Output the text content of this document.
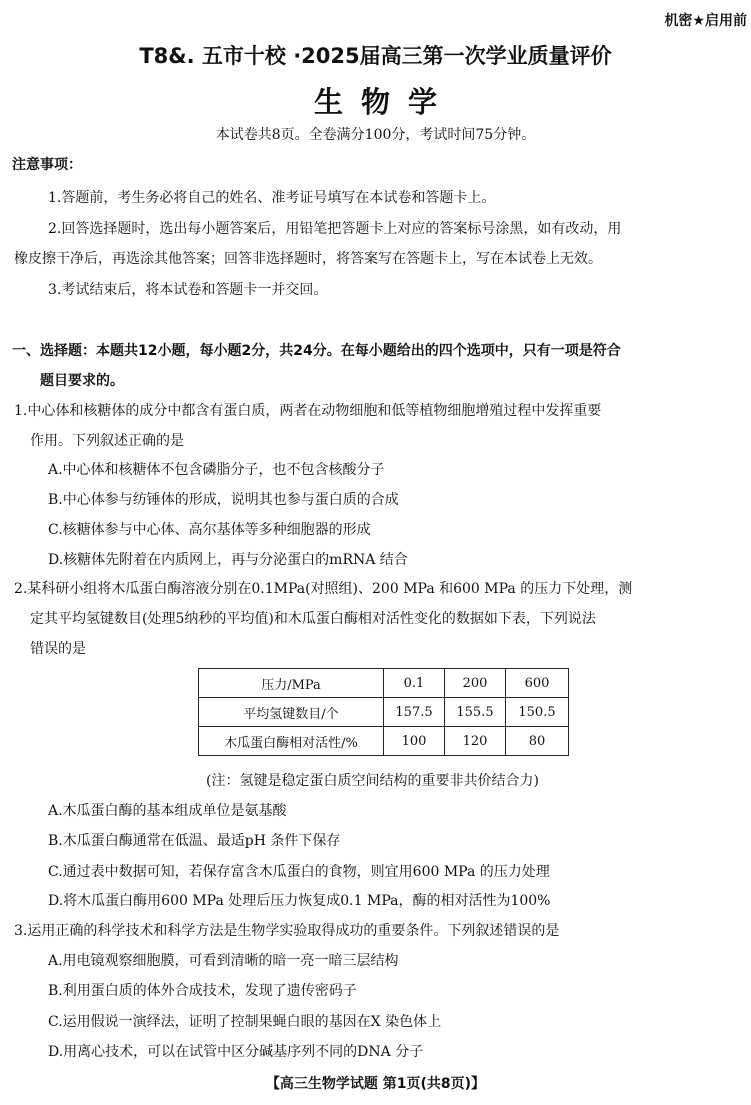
机密★启用前
T8&. 五市十校 ·2025届高三第一次学业质量评价
生物学
本试卷共8页。全卷满分100分，考试时间75分钟。
注意事项：
1.答题前，考生务必将自己的姓名、准考证号填写在本试卷和答题卡上。
2.回答选择题时，选出每小题答案后，用铅笔把答题卡上对应的答案标号涂黑，如有改动，用
橡皮擦干净后，再选涂其他答案；回答非选择题时，将答案写在答题卡上，写在本试卷上无效。
3.考试结束后，将本试卷和答题卡一并交回。
一、选择题：本题共12小题，每小题2分，共24分。在每小题给出的四个选项中，只有一项是符合
题目要求的。
1.中心体和核糖体的成分中都含有蛋白质，两者在动物细胞和低等植物细胞增殖过程中发挥重要
作用。下列叙述正确的是
A.中心体和核糖体不包含磷脂分子，也不包含核酸分子
B.中心体参与纺锤体的形成，说明其也参与蛋白质的合成
C.核糖体参与中心体、高尔基体等多种细胞器的形成
D.核糖体先附着在内质网上，再与分泌蛋白的mRNA 结合
2.某科研小组将木瓜蛋白酶溶液分别在0.1MPa(对照组)、200 MPa 和600 MPa 的压力下处理，测
定其平均氢键数目(处理5纳秒的平均值)和木瓜蛋白酶相对活性变化的数据如下表，下列说法
错误的是
压力/MPa	0.1	200	600
平均氢键数目/个	157.5	155.5	150.5
木瓜蛋白酶相对活性/%	100	120	80
(注：氢键是稳定蛋白质空间结构的重要非共价结合力)
A.木瓜蛋白酶的基本组成单位是氨基酸
B.木瓜蛋白酶通常在低温、最适pH 条件下保存
C.通过表中数据可知，若保存富含木瓜蛋白的食物，则宜用600 MPa 的压力处理
D.将木瓜蛋白酶用600 MPa 处理后压力恢复成0.1 MPa，酶的相对活性为100%
3.运用正确的科学技术和科学方法是生物学实验取得成功的重要条件。下列叙述错误的是
A.用电镜观察细胞膜，可看到清晰的暗一亮一暗三层结构
B.利用蛋白质的体外合成技术，发现了遗传密码子
C.运用假说一演绎法，证明了控制果蝇白眼的基因在X 染色体上
D.用离心技术，可以在试管中区分碱基序列不同的DNA 分子
【高三生物学试题 第1页(共8页)】
